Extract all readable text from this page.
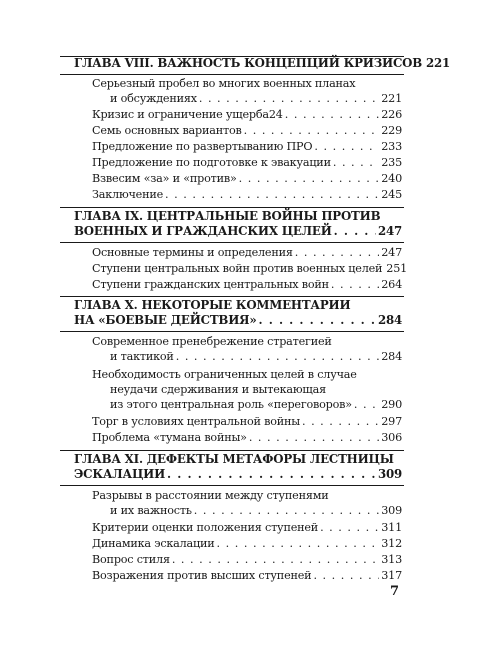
ГЛАВА VIII. ВАЖНОСТЬ КОНЦЕПЦИЙ КРИЗИСОВ 221
Серьезный пробел во многих военных планах
и обсуждениях . . .	221
Кризис и ограничение ущерба24 . . .	226
Семь основных вариантов . . .	229
Предложение по развертыванию ПРО . . .	233
Предложение по подготовке к эвакуации . . .	235
Взвесим «за» и «против» . . .	240
Заключение . . .	245
ГЛАВА IX. ЦЕНТРАЛЬНЫЕ ВОЙНЫ ПРОТИВ
ВОЕННЫХ И ГРАЖДАНСКИХ ЦЕЛЕЙ . . .	247
Основные термины и определения . . .	247
Ступени центральных войн против военных целей 251
Ступени гражданских центральных войн . . .	264
ГЛАВА X. НЕКОТОРЫЕ КОММЕНТАРИИ
НА «БОЕВЫЕ ДЕЙСТВИЯ» . . .	284
Современное пренебрежение стратегией
и тактикой . . .	284
Необходимость ограниченных целей в случае
неудачи сдерживания и вытекающая
из этого центральная роль «переговоров» . . .	290
Торг в условиях центральной войны . . .	297
Проблема «тумана войны» . . .	306
ГЛАВА XI. ДЕФЕКТЫ МЕТАФОРЫ ЛЕСТНИЦЫ
ЭСКАЛАЦИИ . . .	309
Разрывы в расстоянии между ступенями
и их важность . . .	309
Критерии оценки положения ступеней . . .	311
Динамика эскалации . . .	312
Вопрос стиля . . .	313
Возражения против высших ступеней . . .	317
7
